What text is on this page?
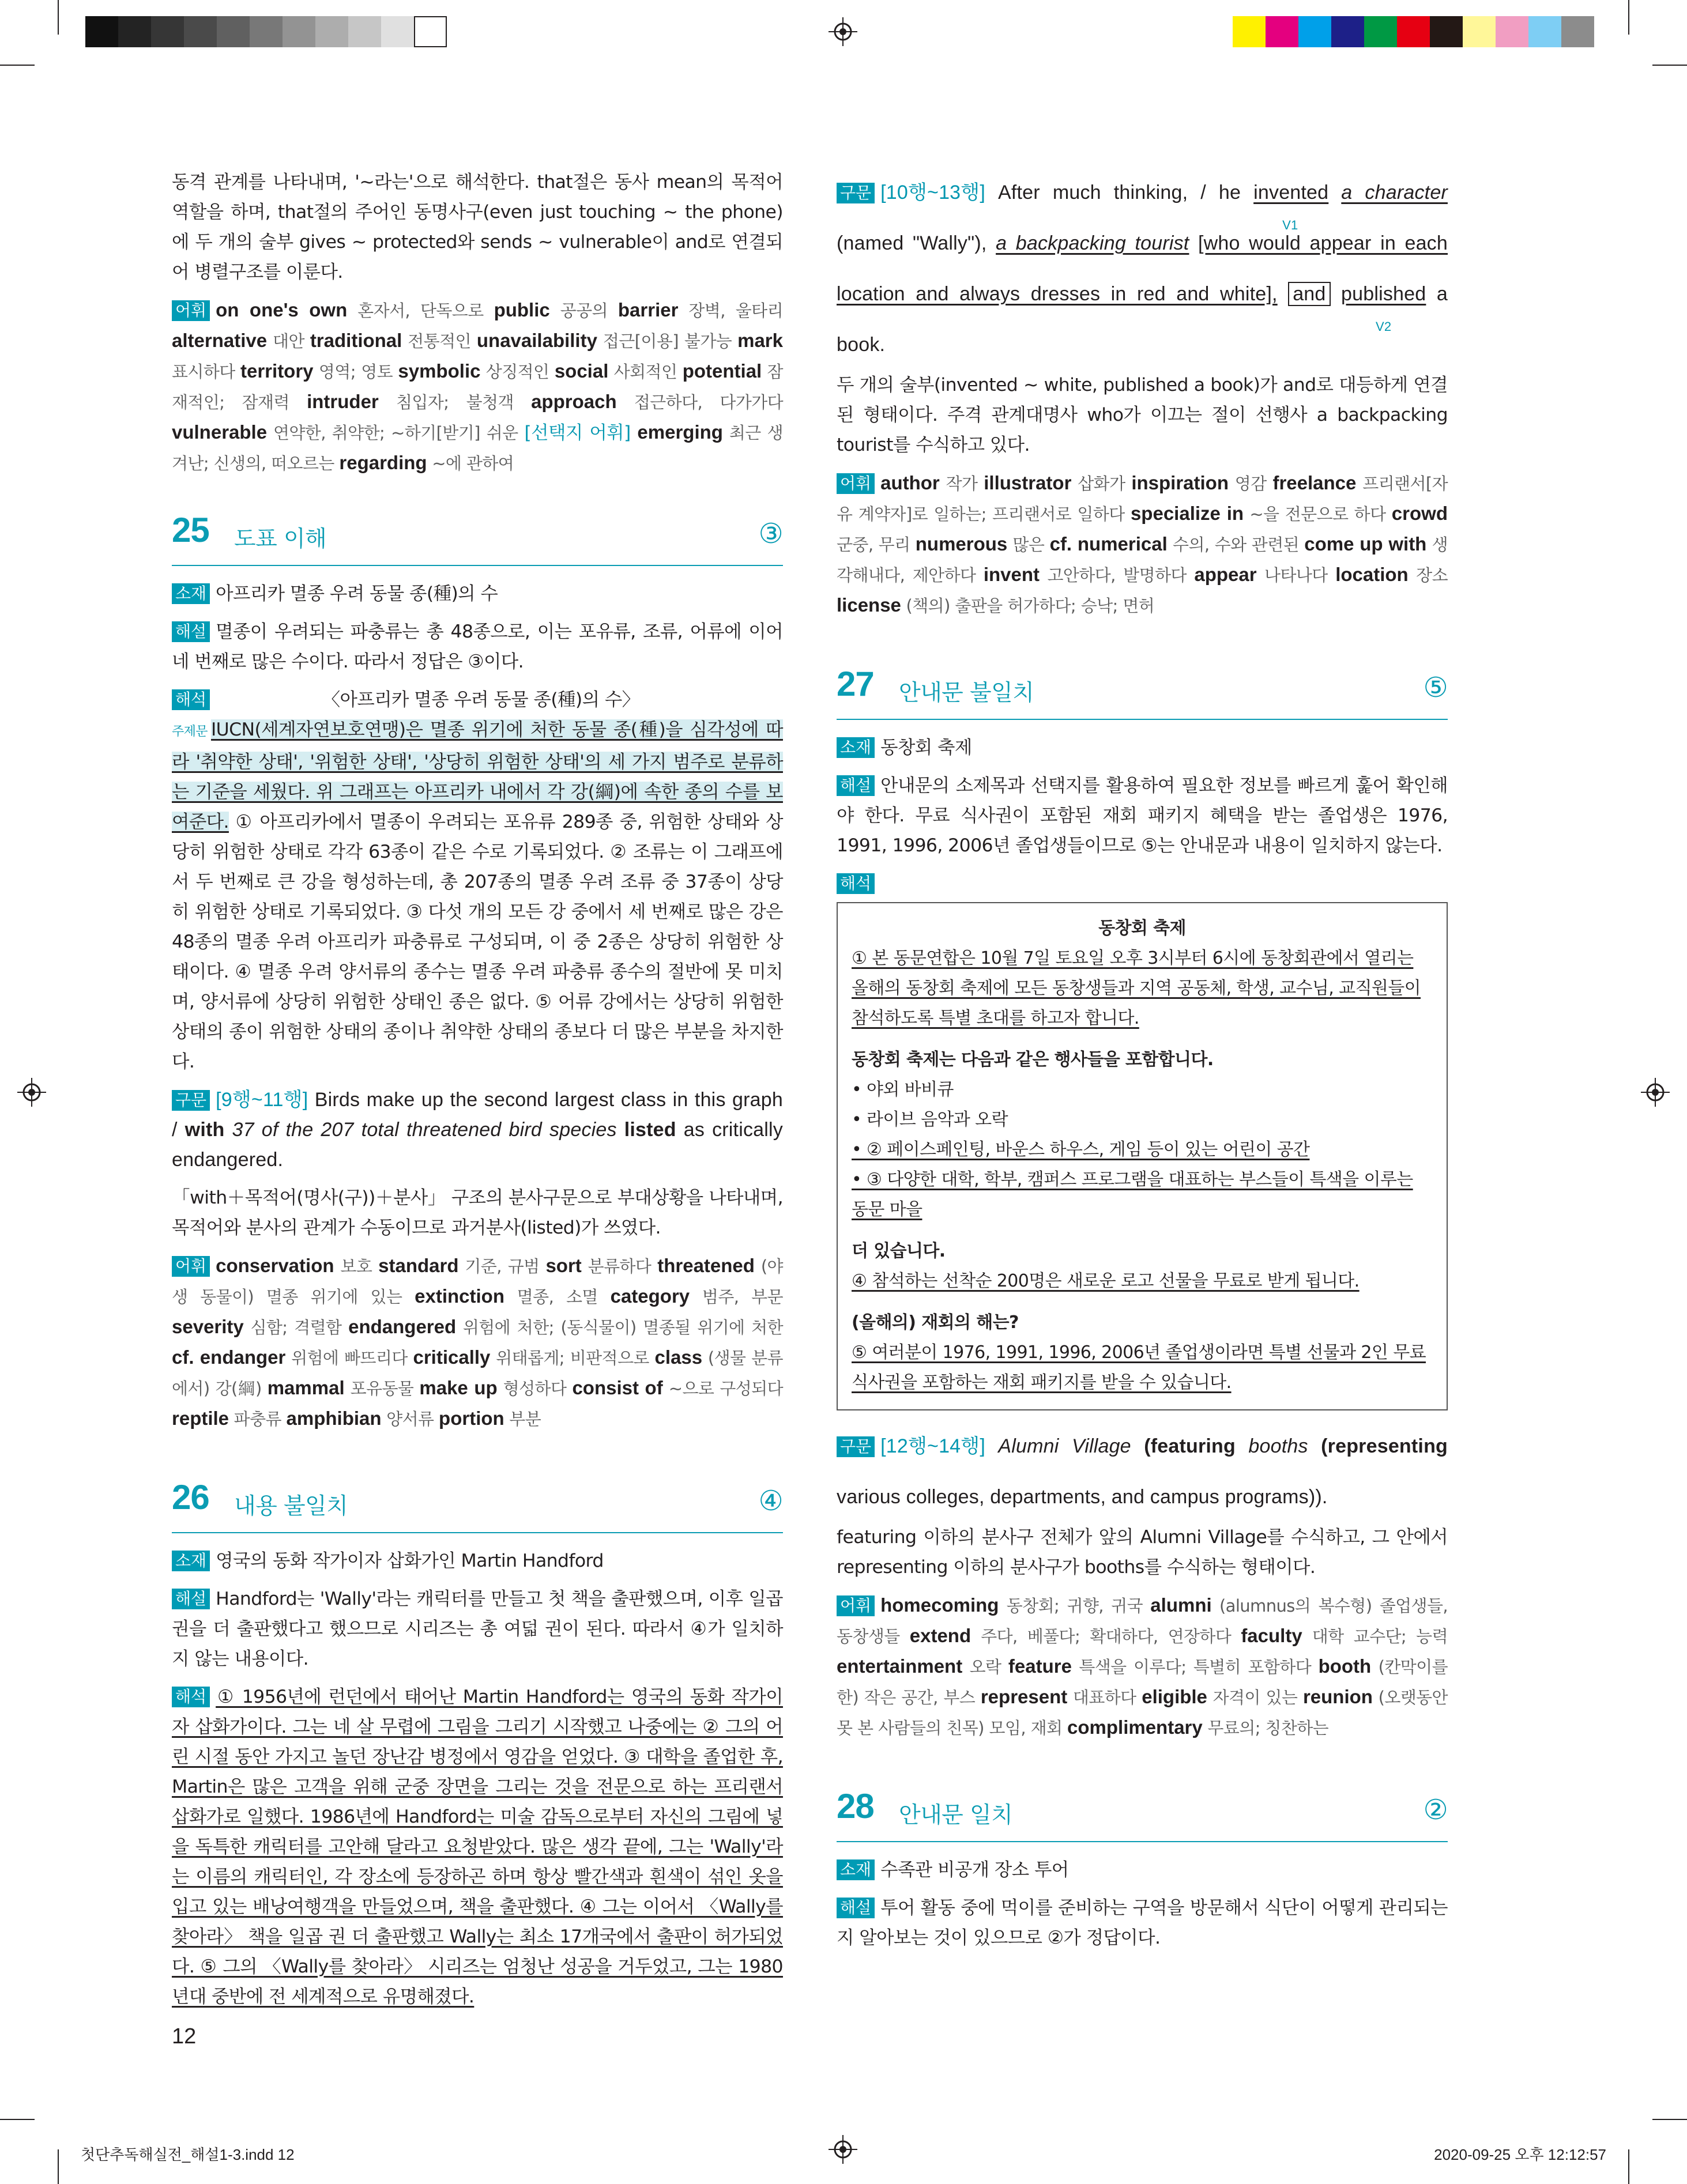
동격 관계를 나타내며, '~라는'으로 해석한다. that절은 동사 mean의 목적어 역할을 하며, that절의 주어인 동명사구(even just touching ~ the phone)에 두 개의 술부 gives ~ protected와 sends ~ vulnerable이 and로 연결되어 병렬구조를 이룬다.

어휘 on one's own 혼자서, 단독으로 public 공공의 barrier 장벽, 울타리 alternative 대안 traditional 전통적인 unavailability 접근[이용] 불가능 mark 표시하다 territory 영역; 영토 symbolic 상징적인 social 사회적인 potential 잠재적인; 잠재력 intruder 침입자; 불청객 approach 접근하다, 다가가다 vulnerable 연약한, 취약한; ~하기[받기] 쉬운 [선택지 어휘] emerging 최근 생겨난; 신생의, 떠오르는 regarding ~에 관하여

25 도표 이해	③

소재 아프리카 멸종 우려 동물 종(種)의 수

해설 멸종이 우려되는 파충류는 총 48종으로, 이는 포유류, 조류, 어류에 이어 네 번째로 많은 수이다. 따라서 정답은 ③이다.

해석	〈아프리카 멸종 우려 동물 종(種)의 수〉

주제문 IUCN(세계자연보호연맹)은 멸종 위기에 처한 동물 종(種)을 심각성에 따라 '취약한 상태', '위험한 상태', '상당히 위험한 상태'의 세 가지 범주로 분류하는 기준을 세웠다. 위 그래프는 아프리카 내에서 각 강(綱)에 속한 종의 수를 보여준다. ① 아프리카에서 멸종이 우려되는 포유류 289종 중, 위험한 상태와 상당히 위험한 상태로 각각 63종이 같은 수로 기록되었다. ② 조류는 이 그래프에서 두 번째로 큰 강을 형성하는데, 총 207종의 멸종 우려 조류 중 37종이 상당히 위험한 상태로 기록되었다. ③ 다섯 개의 모든 강 중에서 세 번째로 많은 강은 48종의 멸종 우려 아프리카 파충류로 구성되며, 이 중 2종은 상당히 위험한 상태이다. ④ 멸종 우려 양서류의 종수는 멸종 우려 파충류 종수의 절반에 못 미치며, 양서류에 상당히 위험한 상태인 종은 없다. ⑤ 어류 강에서는 상당히 위험한 상태의 종이 위험한 상태의 종이나 취약한 상태의 종보다 더 많은 부분을 차지한다.

구문 [9행~11행] Birds make up the second largest class in this graph / with 37 of the 207 total threatened bird species listed as critically endangered.

「with＋목적어(명사(구))＋분사」 구조의 분사구문으로 부대상황을 나타내며, 목적어와 분사의 관계가 수동이므로 과거분사(listed)가 쓰였다.

어휘 conservation 보호 standard 기준, 규범 sort 분류하다 threatened (야생 동물이) 멸종 위기에 있는 extinction 멸종, 소멸 category 범주, 부문 severity 심함; 격렬함 endangered 위험에 처한; (동식물이) 멸종될 위기에 처한 cf. endanger 위험에 빠뜨리다 critically 위태롭게; 비판적으로 class (생물 분류에서) 강(綱) mammal 포유동물 make up 형성하다 consist of ~으로 구성되다 reptile 파충류 amphibian 양서류 portion 부분

26 내용 불일치	④

소재 영국의 동화 작가이자 삽화가인 Martin Handford

해설 Handford는 'Wally'라는 캐릭터를 만들고 첫 책을 출판했으며, 이후 일곱 권을 더 출판했다고 했으므로 시리즈는 총 여덟 권이 된다. 따라서 ④가 일치하지 않는 내용이다.

해석 ① 1956년에 런던에서 태어난 Martin Handford는 영국의 동화 작가이자 삽화가이다. 그는 네 살 무렵에 그림을 그리기 시작했고 나중에는 ② 그의 어린 시절 동안 가지고 놀던 장난감 병정에서 영감을 얻었다. ③ 대학을 졸업한 후, Martin은 많은 고객을 위해 군중 장면을 그리는 것을 전문으로 하는 프리랜서 삽화가로 일했다. 1986년에 Handford는 미술 감독으로부터 자신의 그림에 넣을 독특한 캐릭터를 고안해 달라고 요청받았다. 많은 생각 끝에, 그는 'Wally'라는 이름의 캐릭터인, 각 장소에 등장하곤 하며 항상 빨간색과 흰색이 섞인 옷을 입고 있는 배낭여행객을 만들었으며, 책을 출판했다. ④ 그는 이어서 〈Wally를 찾아라〉 책을 일곱 권 더 출판했고 Wally는 최소 17개국에서 출판이 허가되었다. ⑤ 그의 〈Wally를 찾아라〉 시리즈는 엄청난 성공을 거두었고, 그는 1980년대 중반에 전 세계적으로 유명해졌다.

구문 [10행~13행] After much thinking, / he invented
V1
a character (named "Wally"), a backpacking tourist [who would appear in each location and always dresses in red and white], and published
V2
a book.

두 개의 술부(invented ~ white, published a book)가 and로 대등하게 연결된 형태이다. 주격 관계대명사 who가 이끄는 절이 선행사 a backpacking tourist를 수식하고 있다.

어휘 author 작가 illustrator 삽화가 inspiration 영감 freelance 프리랜서[자유 계약자]로 일하는; 프리랜서로 일하다 specialize in ~을 전문으로 하다 crowd 군중, 무리 numerous 많은 cf. numerical 수의, 수와 관련된 come up with 생각해내다, 제안하다 invent 고안하다, 발명하다 appear 나타나다 location 장소 license (책의) 출판을 허가하다; 승낙; 면허

27 안내문 불일치	⑤

소재 동창회 축제

해설 안내문의 소제목과 선택지를 활용하여 필요한 정보를 빠르게 훑어 확인해야 한다. 무료 식사권이 포함된 재회 패키지 혜택을 받는 졸업생은 1976, 1991, 1996, 2006년 졸업생들이므로 ⑤는 안내문과 내용이 일치하지 않는다.

해석

동창회 축제
① 본 동문연합은 10월 7일 토요일 오후 3시부터 6시에 동창회관에서 열리는 올해의 동창회 축제에 모든 동창생들과 지역 공동체, 학생, 교수님, 교직원들이 참석하도록 특별 초대를 하고자 합니다.
동창회 축제는 다음과 같은 행사들을 포함합니다.
• 야외 바비큐
• 라이브 음악과 오락
• ② 페이스페인팅, 바운스 하우스, 게임 등이 있는 어린이 공간
• ③ 다양한 대학, 학부, 캠퍼스 프로그램을 대표하는 부스들이 특색을 이루는 동문 마을
더 있습니다.
④ 참석하는 선착순 200명은 새로운 로고 선물을 무료로 받게 됩니다.
(올해의) 재회의 해는?
⑤ 여러분이 1976, 1991, 1996, 2006년 졸업생이라면 특별 선물과 2인 무료 식사권을 포함하는 재회 패키지를 받을 수 있습니다.

구문 [12행~14행] Alumni Village (featuring booths (representing various colleges, departments, and campus programs)).

featuring 이하의 분사구 전체가 앞의 Alumni Village를 수식하고, 그 안에서 representing 이하의 분사구가 booths를 수식하는 형태이다.

어휘 homecoming 동창회; 귀향, 귀국 alumni (alumnus의 복수형) 졸업생들, 동창생들 extend 주다, 베풀다; 확대하다, 연장하다 faculty 대학 교수단; 능력 entertainment 오락 feature 특색을 이루다; 특별히 포함하다 booth (칸막이를 한) 작은 공간, 부스 represent 대표하다 eligible 자격이 있는 reunion (오랫동안 못 본 사람들의 친목) 모임, 재회 complimentary 무료의; 칭찬하는

28 안내문 일치	②

소재 수족관 비공개 장소 투어

해설 투어 활동 중에 먹이를 준비하는 구역을 방문해서 식단이 어떻게 관리되는지 알아보는 것이 있으므로 ②가 정답이다.

12
첫단추독해실전_해설1-3.indd 12	2020-09-25 오후 12:12:57
